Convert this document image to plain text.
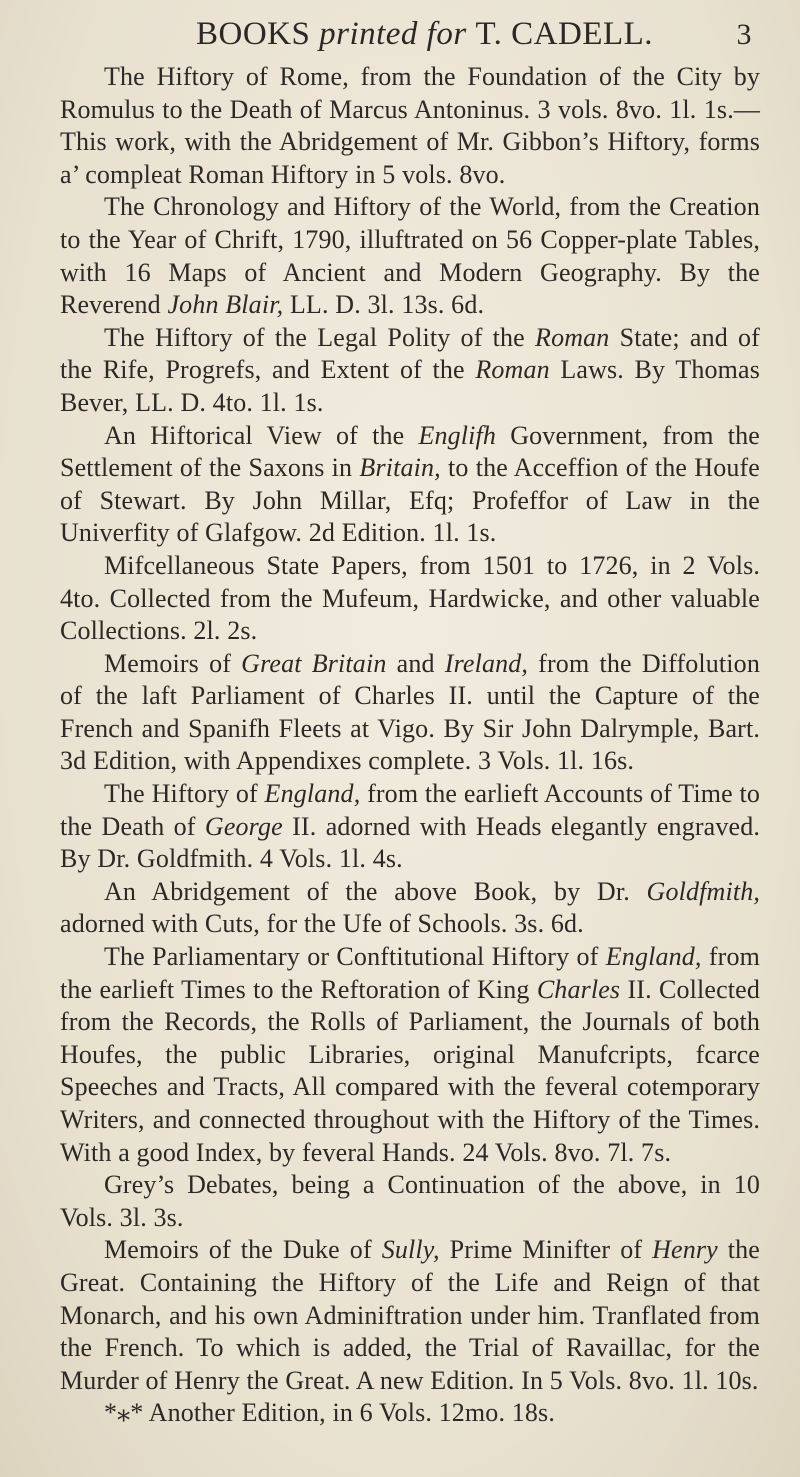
BOOKS printed for T. CADELL.	3

The Hiftory of Rome, from the Foundation of the City by Romulus to the Death of Marcus Antoninus. 3 vols. 8vo. 1l. 1s.—This work, with the Abridgement of Mr. Gibbon’s Hiftory, forms a’ compleat Roman Hiftory in 5 vols. 8vo.

The Chronology and Hiftory of the World, from the Creation to the Year of Chrift, 1790, illuftrated on 56 Copper-plate Tables, with 16 Maps of Ancient and Modern Geography. By the Reverend John Blair, LL. D. 3l. 13s. 6d.

The Hiftory of the Legal Polity of the Roman State; and of the Rife, Progrefs, and Extent of the Roman Laws. By Thomas Bever, LL. D. 4to. 1l. 1s.

An Hiftorical View of the Englifh Government, from the Settlement of the Saxons in Britain, to the Acceffion of the Houfe of Stewart. By John Millar, Efq; Profeffor of Law in the Univerfity of Glafgow. 2d Edition. 1l. 1s.

Mifcellaneous State Papers, from 1501 to 1726, in 2 Vols. 4to. Collected from the Mufeum, Hardwicke, and other valuable Collections. 2l. 2s.

Memoirs of Great Britain and Ireland, from the Diffolution of the laft Parliament of Charles II. until the Capture of the French and Spanifh Fleets at Vigo. By Sir John Dalrymple, Bart. 3d Edition, with Appendixes complete. 3 Vols. 1l. 16s.

The Hiftory of England, from the earlieft Accounts of Time to the Death of George II. adorned with Heads elegantly engraved. By Dr. Goldfmith. 4 Vols. 1l. 4s.

An Abridgement of the above Book, by Dr. Goldfmith, adorned with Cuts, for the Ufe of Schools. 3s. 6d.

The Parliamentary or Conftitutional Hiftory of England, from the earlieft Times to the Reftoration of King Charles II. Collected from the Records, the Rolls of Parliament, the Journals of both Houfes, the public Libraries, original Manufcripts, fcarce Speeches and Tracts, All compared with the feveral cotemporary Writers, and connected throughout with the Hiftory of the Times. With a good Index, by feveral Hands. 24 Vols. 8vo. 7l. 7s.

Grey’s Debates, being a Continuation of the above, in 10 Vols. 3l. 3s.

Memoirs of the Duke of Sully, Prime Minifter of Henry the Great. Containing the Hiftory of the Life and Reign of that Monarch, and his own Adminiftration under him. Tranflated from the French. To which is added, the Trial of Ravaillac, for the Murder of Henry the Great. A new Edition. In 5 Vols. 8vo. 1l. 10s.

*⁎* Another Edition, in 6 Vols. 12mo. 18s.
